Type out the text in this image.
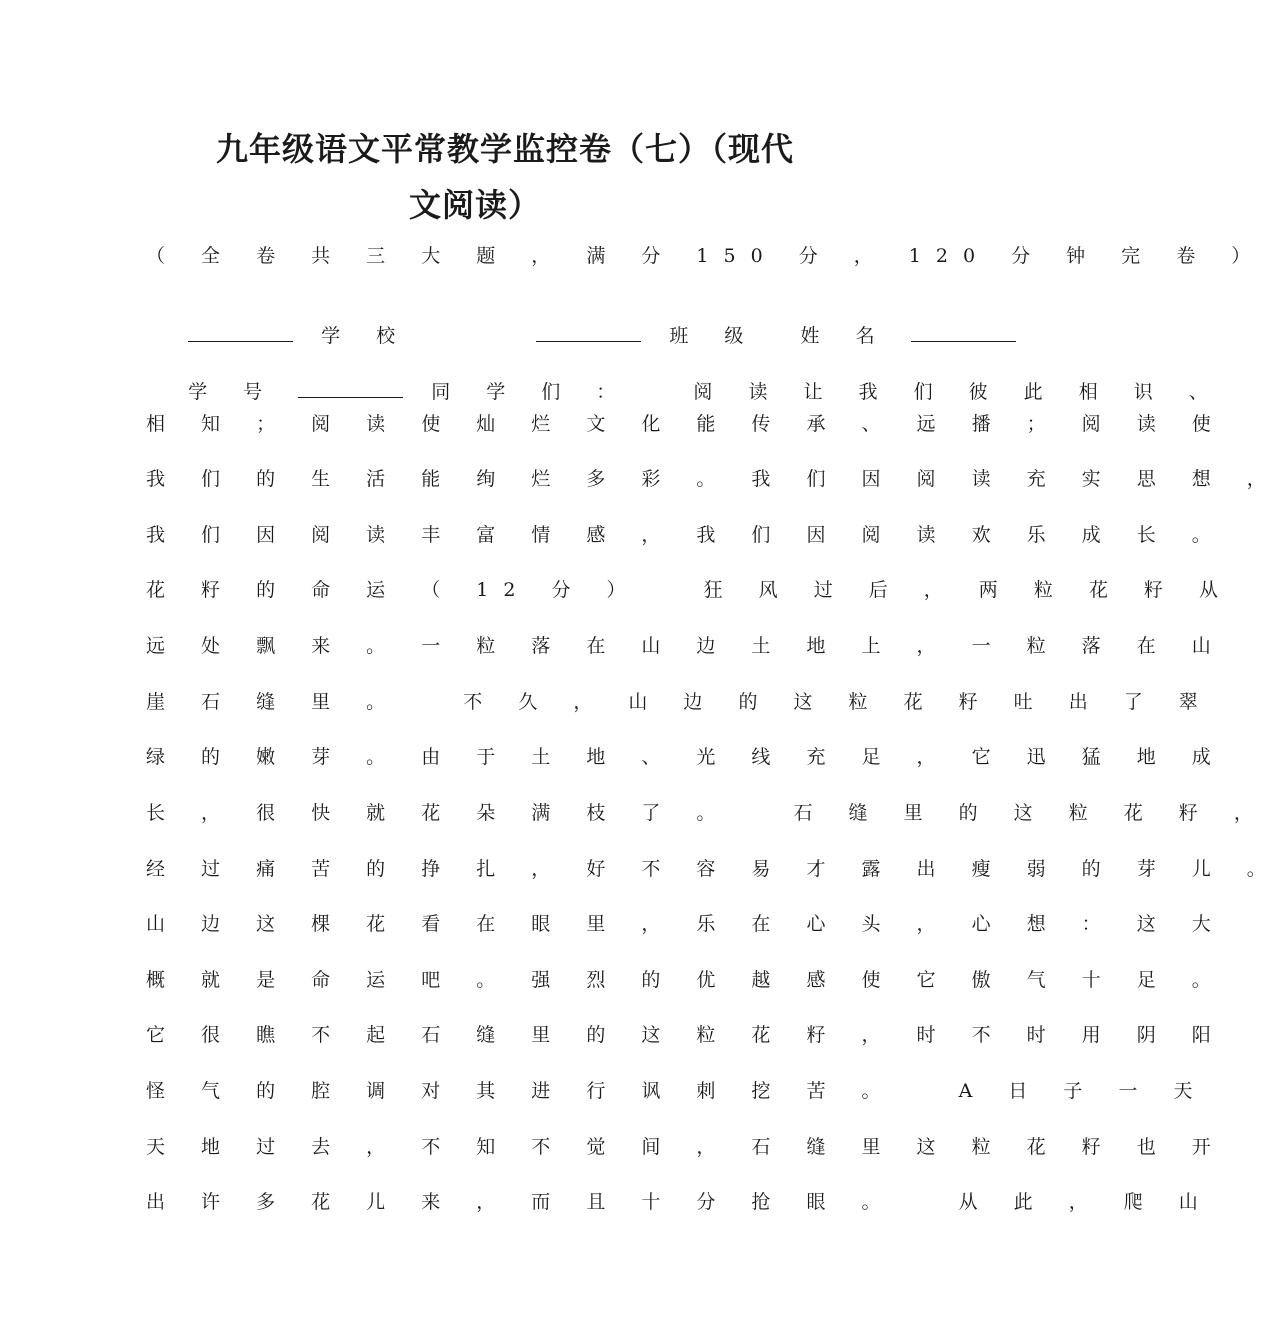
九年级语文平常教学监控卷（七）（现代
文阅读）

（ 全 卷 共 三 大 题 ， 满 分 150 分 ， 120 分 钟 完 卷 ）

学 校	班 级 姓 名

学 号	同 学 们 ：   阅 读 让 我 们 彼 此 相 识 、

相 知 ； 阅 读 使 灿 烂 文 化 能 传 承 、 远 播 ； 阅 读 使

我 们 的 生 活 能 绚 烂 多 彩 。 我 们 因 阅 读 充 实 思 想 ，

我 们 因 阅 读 丰 富 情 感 ， 我 们 因 阅 读 欢 乐 成 长 。

花 籽 的 命 运 （ 12 分 ）   狂 风 过 后 ， 两 粒 花 籽 从

远 处 飘 来 。 一 粒 落 在 山 边 土 地 上 ， 一 粒 落 在 山

崖 石 缝 里 。   不 久 ， 山 边 的 这 粒 花 籽 吐 出 了 翠

绿 的 嫩 芽 。 由 于 土 地 、 光 线 充 足 ， 它 迅 猛 地 成

长 ， 很 快 就 花 朵 满 枝 了 。   石 缝 里 的 这 粒 花 籽 ，

经 过 痛 苦 的 挣 扎 ， 好 不 容 易 才 露 出 瘦 弱 的 芽 儿 。

山 边 这 棵 花 看 在 眼 里 ， 乐 在 心 头 ， 心 想 ： 这 大

概 就 是 命 运 吧 。 强 烈 的 优 越 感 使 它 傲 气 十 足 。

它 很 瞧 不 起 石 缝 里 的 这 粒 花 籽 ， 时 不 时 用 阴 阳

怪 气 的 腔 调 对 其 进 行 讽 刺 挖 苦 。   A 日 子 一 天

天 地 过 去 ， 不 知 不 觉 间 ， 石 缝 里 这 粒 花 籽 也 开

出 许 多 花 儿 来 ， 而 且 十 分 抢 眼 。   从 此 ， 爬 山
